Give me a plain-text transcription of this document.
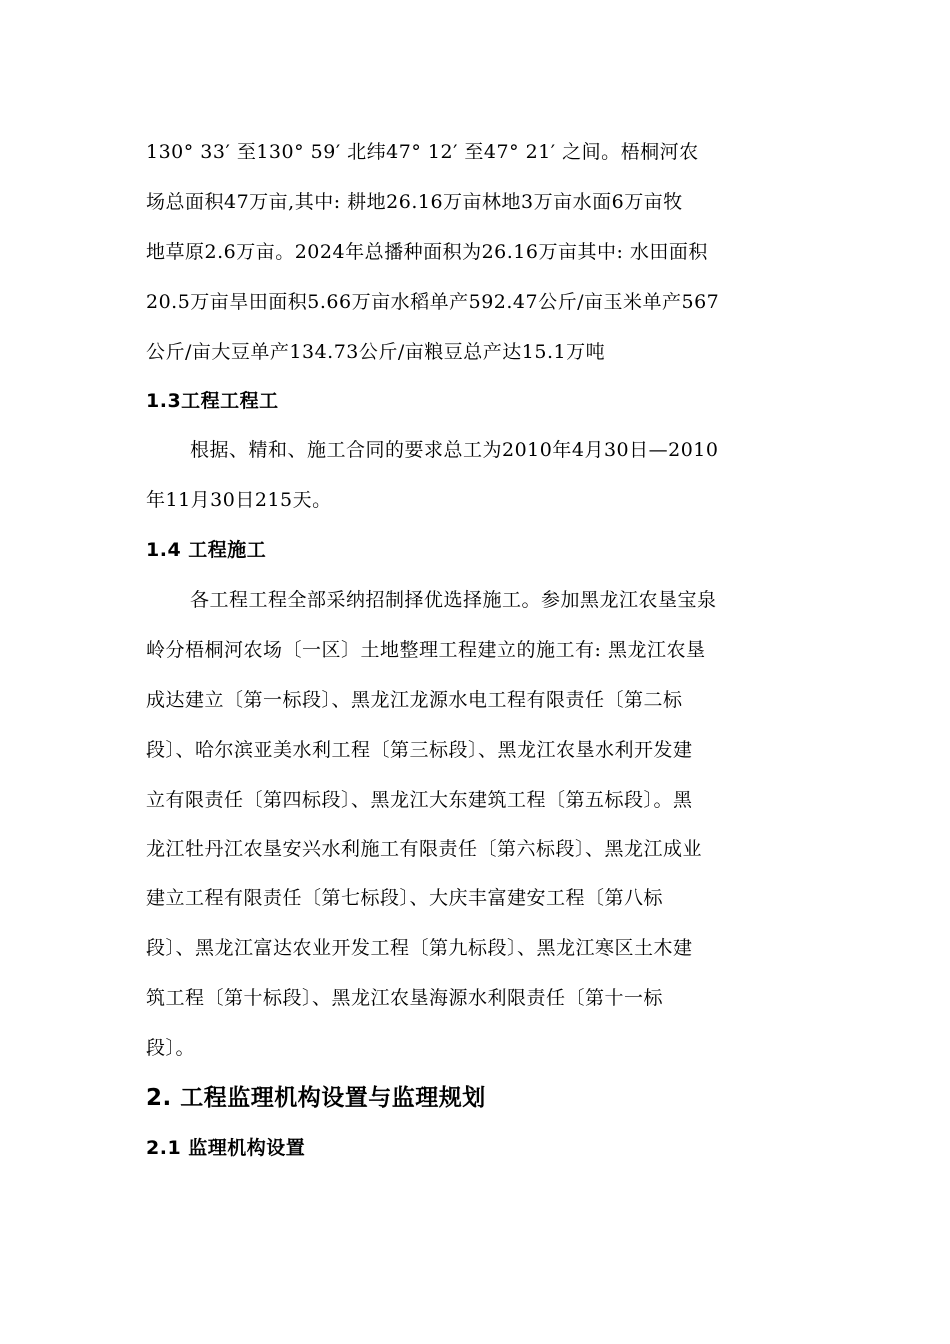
130° 33′ 至130° 59′ 北纬47° 12′ 至47° 21′ 之间。梧桐河农
场总面积47万亩,其中: 耕地26.16万亩林地3万亩水面6万亩牧
地草原2.6万亩。2024年总播种面积为26.16万亩其中: 水田面积
20.5万亩旱田面积5.66万亩水稻单产592.47公斤/亩玉米单产567
公斤/亩大豆单产134.73公斤/亩粮豆总产达15.1万吨
1.3工程工程工
根据、精和、施工合同的要求总工为2010年4月30日—2010
年11月30日215天。
1.4 工程施工
各工程工程全部采纳招制择优选择施工。参加黑龙江农垦宝泉
岭分梧桐河农场〔一区〕土地整理工程建立的施工有: 黑龙江农垦
成达建立〔第一标段〕、黑龙江龙源水电工程有限责任〔第二标
段〕、哈尔滨亚美水利工程〔第三标段〕、黑龙江农垦水利开发建
立有限责任〔第四标段〕、黑龙江大东建筑工程〔第五标段〕。黑
龙江牡丹江农垦安兴水利施工有限责任〔第六标段〕、黑龙江成业
建立工程有限责任〔第七标段〕、大庆丰富建安工程〔第八标
段〕、黑龙江富达农业开发工程〔第九标段〕、黑龙江寒区土木建
筑工程〔第十标段〕、黑龙江农垦海源水利限责任〔第十一标
段〕。
2. 工程监理机构设置与监理规划
2.1 监理机构设置
